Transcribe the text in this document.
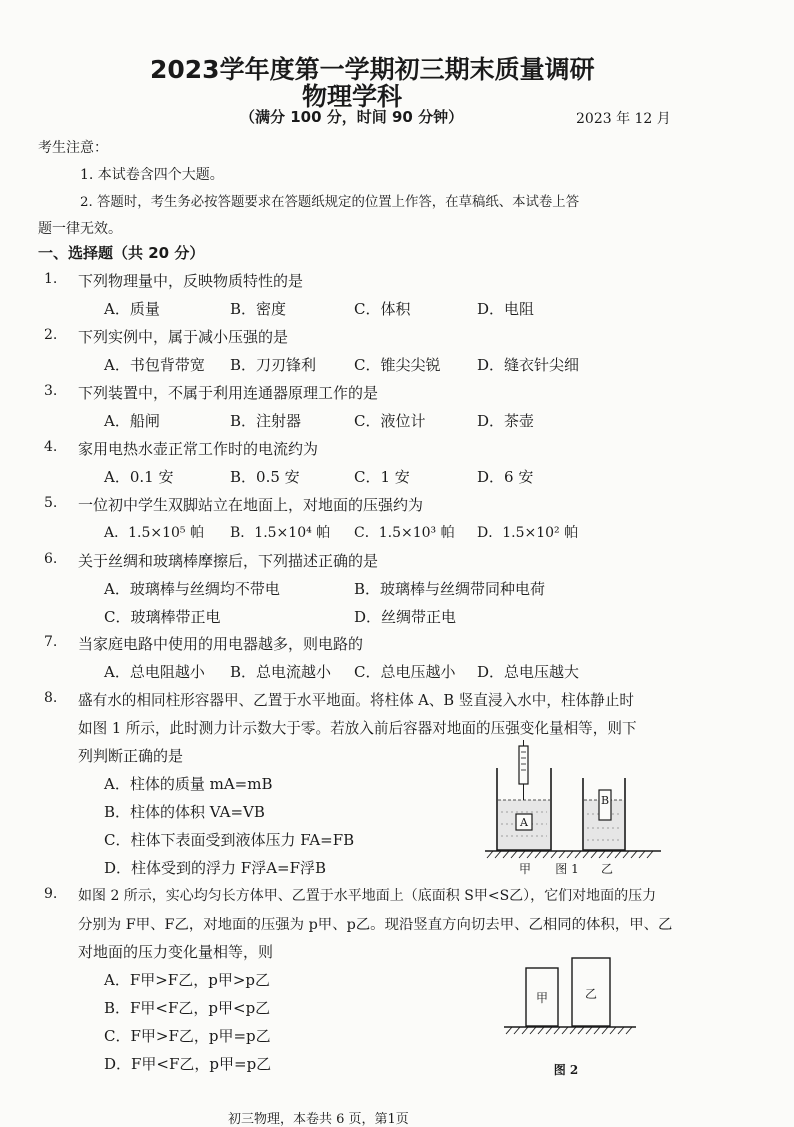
2023学年度第一学期初三期末质量调研
物理学科
（满分 100 分，时间 90 分钟）	2023 年 12 月
考生注意：
1. 本试卷含四个大题。
2. 答题时，考生务必按答题要求在答题纸规定的位置上作答，在草稿纸、本试卷上答
题一律无效。
一、选择题（共 20 分）
1. 下列物理量中，反映物质特性的是
A．质量	B．密度	C．体积	D．电阻
2. 下列实例中，属于减小压强的是
A．书包背带宽 B．刀刃锋利	C．锥尖尖锐 D．缝衣针尖细
3. 下列装置中，不属于利用连通器原理工作的是
A．船闸	B．注射器	C．液位计	D．茶壶
4. 家用电热水壶正常工作时的电流约为
A．0.1 安	B．0.5 安	C．1 安	D．6 安
5. 一位初中学生双脚站立在地面上，对地面的压强约为
A．1.5×10⁵ 帕 B．1.5×10⁴ 帕 C．1.5×10³ 帕 D．1.5×10² 帕
6. 关于丝绸和玻璃棒摩擦后，下列描述正确的是
A．玻璃棒与丝绸均不带电	B．玻璃棒与丝绸带同种电荷
C．玻璃棒带正电	D．丝绸带正电
7. 当家庭电路中使用的用电器越多，则电路的
A．总电阻越小 B．总电流越小 C．总电压越小 D．总电压越大
8. 盛有水的相同柱形容器甲、乙置于水平地面。将柱体 A、B 竖直浸入水中，柱体静止时
如图 1 所示，此时测力计示数大于零。若放入前后容器对地面的压强变化量相等，则下
列判断正确的是
A．柱体的质量 mA=mB
B．柱体的体积 VA=VB
C．柱体下表面受到液体压力 FA=FB
D．柱体受到的浮力 F浮A=F浮B
A
B
甲 图 1 乙
9. 如图 2 所示，实心均匀长方体甲、乙置于水平地面上（底面积 S甲<S乙），它们对地面的压力
分别为 F甲、F乙，对地面的压强为 p甲、p乙。现沿竖直方向切去甲、乙相同的体积，甲、乙
对地面的压力变化量相等，则
A．F甲>F乙，p甲>p乙
B．F甲<F乙，p甲<p乙
C．F甲>F乙，p甲=p乙
D．F甲<F乙，p甲=p乙
甲	乙
图 2
初三物理，本卷共 6 页，第1页
